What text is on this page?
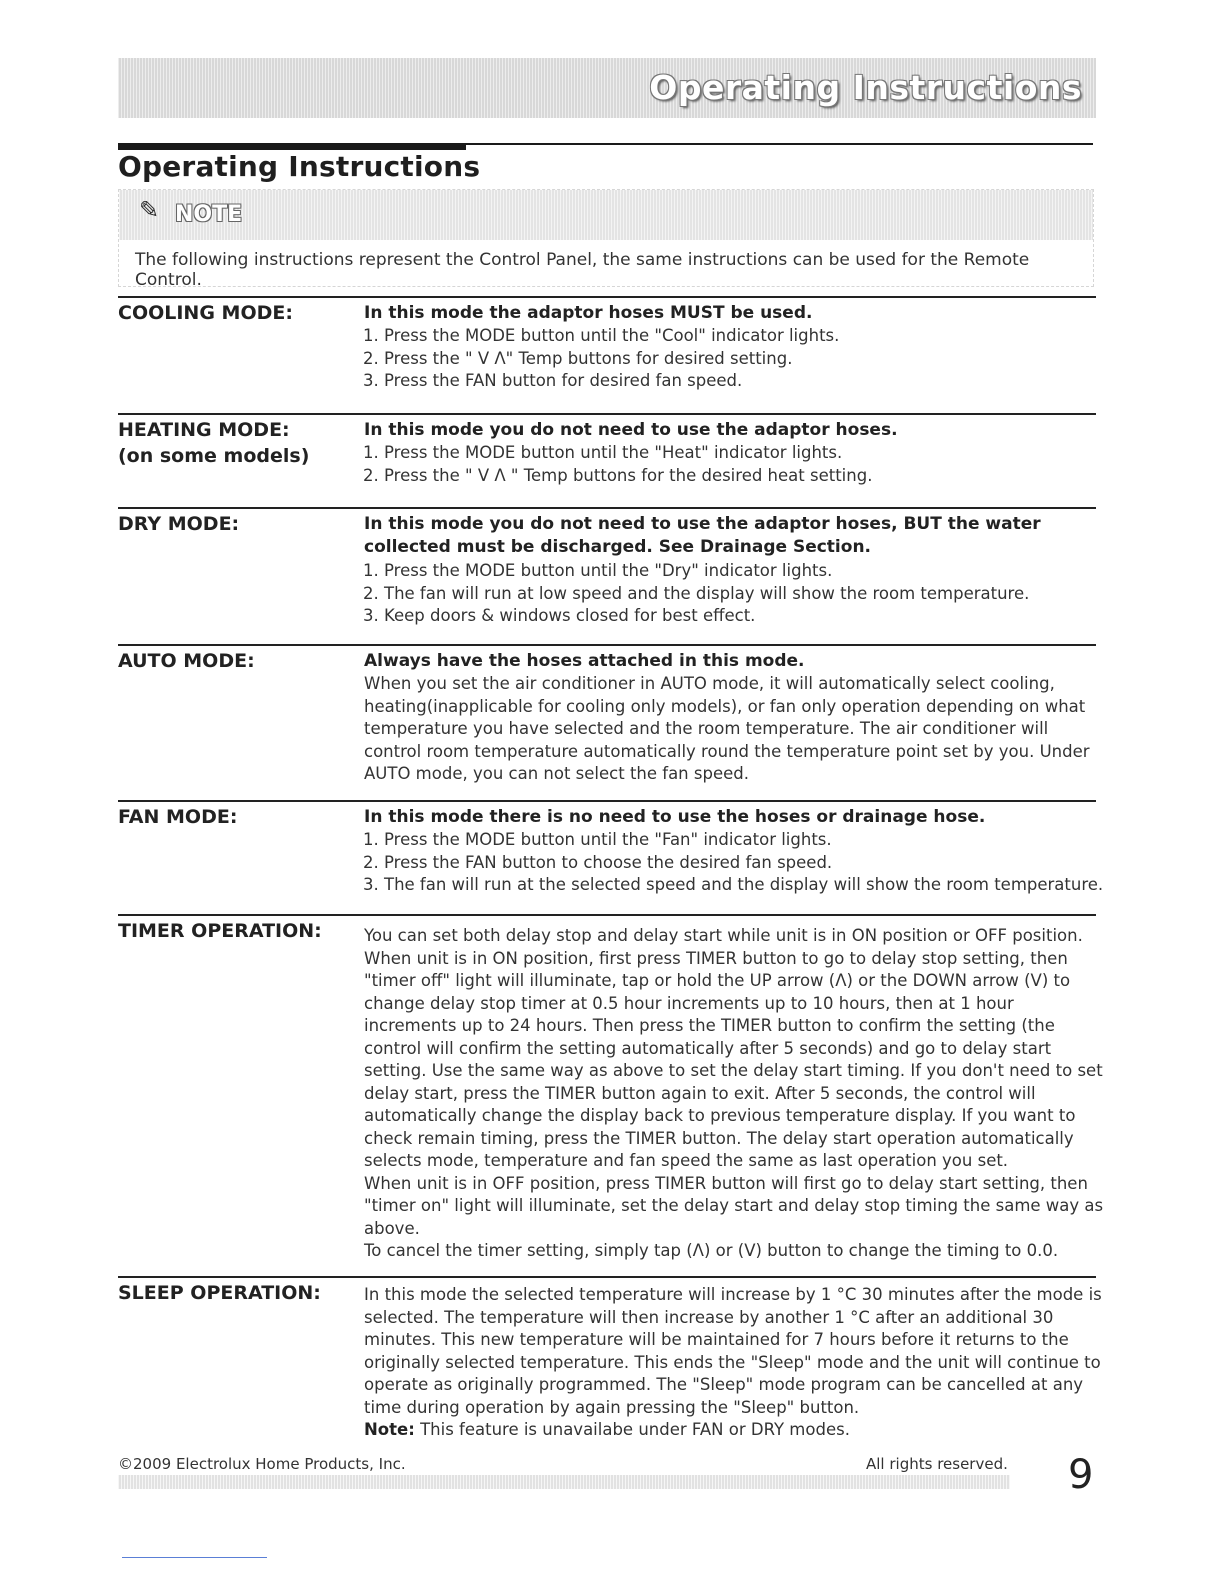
Operating Instructions
Operating Instructions
✎ NOTE
The following instructions represent the Control Panel, the same instructions can be used for the Remote Control.
COOLING MODE:	In this mode the adaptor hoses MUST be used.

1. Press the MODE button until the "Cool" indicator lights.
2. Press the " V Λ" Temp buttons for desired setting.
3. Press the FAN button for desired fan speed.
HEATING MODE:
(on some models)

In this mode you do not need to use the adaptor hoses.

1. Press the MODE button until the "Heat" indicator lights.
2. Press the " V Λ " Temp buttons for the desired heat setting.
DRY MODE:	In this mode you do not need to use the adaptor hoses, BUT the water collected must be discharged. See Drainage Section.

1. Press the MODE button until the "Dry" indicator lights.
2. The fan will run at low speed and the display will show the room temperature.
3. Keep doors & windows closed for best effect.
AUTO MODE:	Always have the hoses attached in this mode.

When you set the air conditioner in AUTO mode, it will automatically select cooling, heating(inapplicable for cooling only models), or fan only operation depending on what temperature you have selected and the room temperature. The air conditioner will control room temperature automatically round the temperature point set by you. Under AUTO mode, you can not select the fan speed.

FAN MODE:	In this mode there is no need to use the hoses or drainage hose.

1. Press the MODE button until the "Fan" indicator lights.
2. Press the FAN button to choose the desired fan speed.
3. The fan will run at the selected speed and the display will show the room temperature.
TIMER OPERATION:	You can set both delay stop and delay start while unit is in ON position or OFF position. When unit is in ON position, first press TIMER button to go to delay stop setting, then "timer off" light will illuminate, tap or hold the UP arrow (Λ) or the DOWN arrow (V) to change delay stop timer at 0.5 hour increments up to 10 hours, then at 1 hour increments up to 24 hours. Then press the TIMER button to confirm the setting (the control will confirm the setting automatically after 5 seconds) and go to delay start setting. Use the same way as above to set the delay start timing. If you don't need to set delay start, press the TIMER button again to exit. After 5 seconds, the control will automatically change the display back to previous temperature display. If you want to check remain timing, press the TIMER button. The delay start operation automatically selects mode, temperature and fan speed the same as last operation you set.

When unit is in OFF position, press TIMER button will first go to delay start setting, then "timer on" light will illuminate, set the delay start and delay stop timing the same way as above.

To cancel the timer setting, simply tap (Λ) or (V) button to change the timing to 0.0.

SLEEP OPERATION:	In this mode the selected temperature will increase by 1 °C 30 minutes after the mode is selected. The temperature will then increase by another 1 °C after an additional 30 minutes. This new temperature will be maintained for 7 hours before it returns to the originally selected temperature. This ends the "Sleep" mode and the unit will continue to operate as originally programmed. The "Sleep" mode program can be cancelled at any time during operation by again pressing the "Sleep" button.

Note: This feature is unavailabe under FAN or DRY modes.

©2009 Electrolux Home Products, Inc.	All rights reserved. 9
